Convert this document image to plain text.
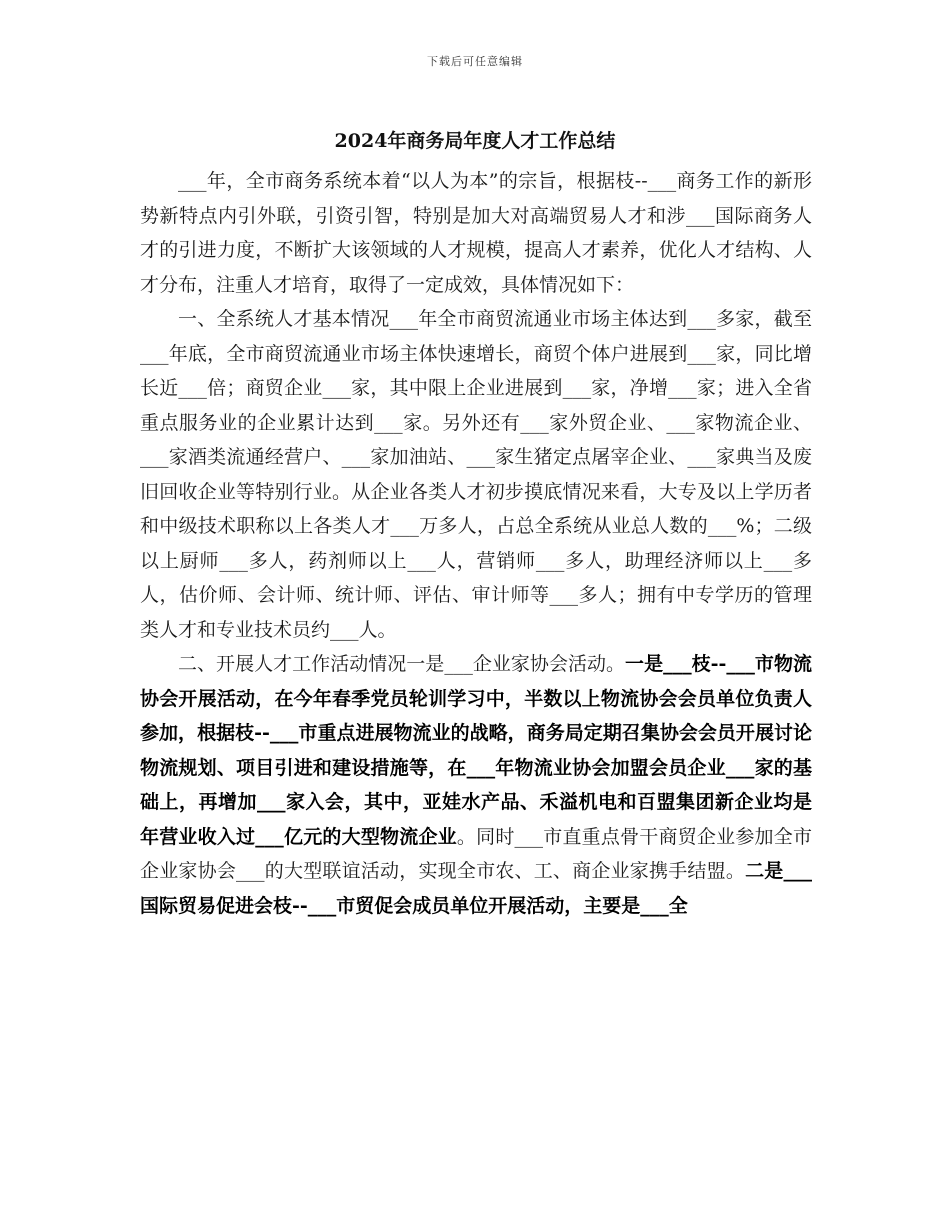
下载后可任意编辑
2024年商务局年度人才工作总结

___年，全市商务系统本着“以人为本”的宗旨，根据枝--___商务工作的新形势新特点内引外联，引资引智，特别是加大对高端贸易人才和涉___国际商务人才的引进力度，不断扩大该领域的人才规模，提高人才素养，优化人才结构、人才分布，注重人才培育，取得了一定成效，具体情况如下：

一、全系统人才基本情况___年全市商贸流通业市场主体达到___多家，截至___年底，全市商贸流通业市场主体快速增长，商贸个体户进展到___家，同比增长近___倍；商贸企业___家，其中限上企业进展到___家，净增___家；进入全省重点服务业的企业累计达到___家。另外还有___家外贸企业、___家物流企业、___家酒类流通经营户、___家加油站、___家生猪定点屠宰企业、___家典当及废旧回收企业等特别行业。从企业各类人才初步摸底情况来看，大专及以上学历者和中级技术职称以上各类人才___万多人，占总全系统从业总人数的___%；二级以上厨师___多人，药剂师以上___人，营销师___多人，助理经济师以上___多人，估价师、会计师、统计师、评估、审计师等___多人；拥有中专学历的管理类人才和专业技术员约___人。

二、开展人才工作活动情况一是___企业家协会活动。一是___枝--___市物流协会开展活动，在今年春季党员轮训学习中，半数以上物流协会会员单位负责人参加，根据枝--___市重点进展物流业的战略，商务局定期召集协会会员开展讨论物流规划、项目引进和建设措施等，在___年物流业协会加盟会员企业___家的基础上，再增加___家入会，其中，亚娃水产品、禾溢机电和百盟集团新企业均是年营业收入过___亿元的大型物流企业。同时___市直重点骨干商贸企业参加全市企业家协会___的大型联谊活动，实现全市农、工、商企业家携手结盟。二是___国际贸易促进会枝--___市贸促会成员单位开展活动，主要是___全
